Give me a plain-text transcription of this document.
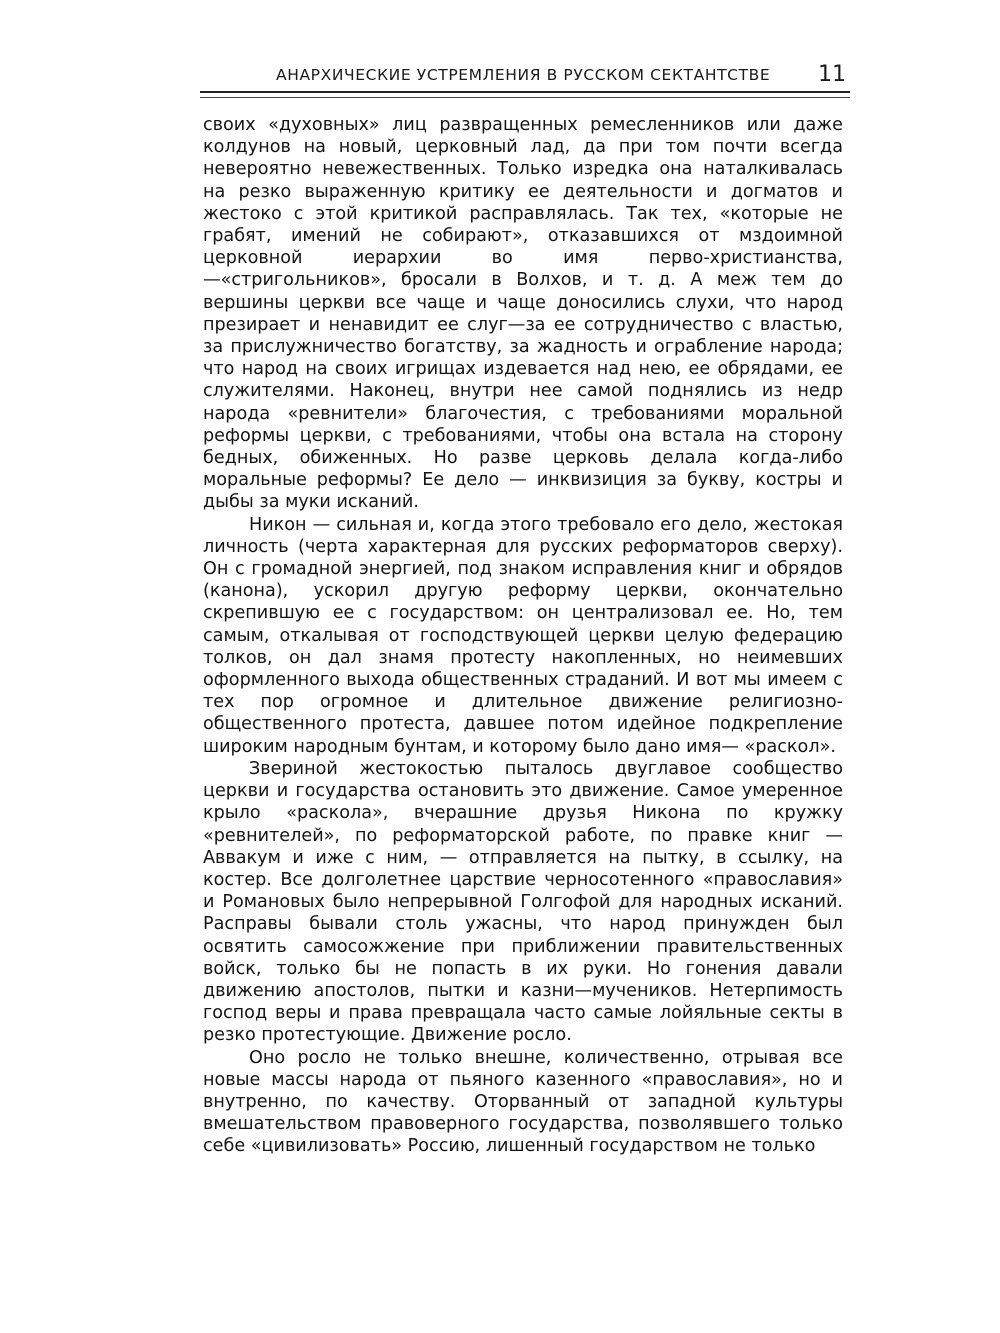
АНАРХИЧЕСКИЕ УСТРЕМЛЕНИЯ В РУССКОМ СЕКТАНТСТВЕ 11

своих «духовных» лиц развращенных ремесленников или даже колдунов на новый, церковный лад, да при том почти всегда невероятно невежественных. Только изредка она наталкивалась на резко выраженную критику ее деятельности и догматов и жестоко с этой критикой расправлялась. Так тех, «которые не грабят, имений не собирают», отказавшихся от мздоимной церковной иерархии во имя перво-христианства,—«стригольников», бросали в Волхов, и т. д. А меж тем до вершины церкви все чаще и чаще доносились слухи, что народ презирает и ненавидит ее слуг—за ее сотрудничество с властью, за прислужничество богатству, за жадность и ограбление народа; что народ на своих игрищах издевается над нею, ее обрядами, ее служителями. Наконец, внутри нее самой поднялись из недр народа «ревнители» благочестия, с требованиями моральной реформы церкви, с требованиями, чтобы она встала на сторону бедных, обиженных. Но разве церковь делала когда-либо моральные реформы? Ее дело — инквизиция за букву, костры и дыбы за муки исканий.

Никон — сильная и, когда этого требовало его дело, жестокая личность (черта характерная для русских реформаторов сверху). Он с громадной энергией, под знаком исправления книг и обрядов (канона), ускорил другую реформу церкви, окончательно скрепившую ее с государством: он централизовал ее. Но, тем самым, откалывая от господствующей церкви целую федерацию толков, он дал знамя протесту накопленных, но неимевших оформленного выхода общественных страданий. И вот мы имеем с тех пор огромное и длительное движение религиозно-общественного протеста, давшее потом идейное подкрепление широким народным бунтам, и которому было дано имя— «раскол».

Звериной жестокостью пыталось двуглавое сообщество церкви и государства остановить это движение. Самое умеренное крыло «раскола», вчерашние друзья Никона по кружку «ревнителей», по реформаторской работе, по правке книг — Аввакум и иже с ним, — отправляется на пытку, в ссылку, на костер. Все долголетнее царствие черносотенного «православия» и Романовых было непрерывной Голгофой для народных исканий. Расправы бывали столь ужасны, что народ принужден был освятить самосожжение при приближении правительственных войск, только бы не попасть в их руки. Но гонения давали движению апостолов, пытки и казни—мучеников. Нетерпимость господ веры и права превращала часто самые лойяльные секты в резко протестующие. Движение росло.

Оно росло не только внешне, количественно, отрывая все новые массы народа от пьяного казенного «православия», но и внутренно, по качеству. Оторванный от западной культуры вмешательством правоверного государства, позволявшего только себе «цивилизовать» Россию, лишенный государством не только
